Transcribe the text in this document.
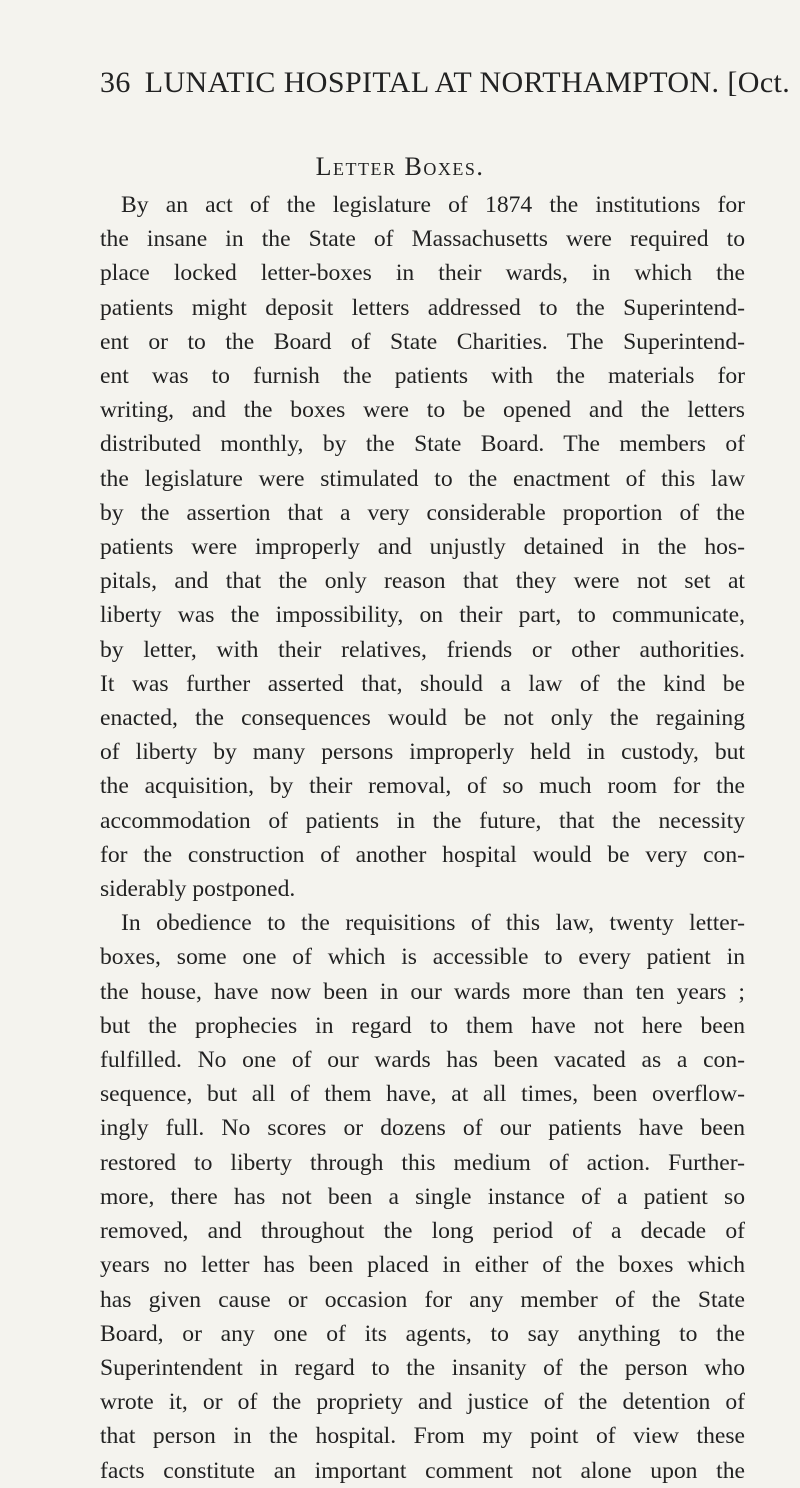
36 LUNATIC HOSPITAL AT NORTHAMPTON. [Oct.
Letter Boxes.
By an act of the legislature of 1874 the institutions for
the insane in the State of Massachusetts were required to
place locked letter-boxes in their wards, in which the
patients might deposit letters addressed to the Superintend-
ent or to the Board of State Charities. The Superintend-
ent was to furnish the patients with the materials for
writing, and the boxes were to be opened and the letters
distributed monthly, by the State Board. The members of
the legislature were stimulated to the enactment of this law
by the assertion that a very considerable proportion of the
patients were improperly and unjustly detained in the hos-
pitals, and that the only reason that they were not set at
liberty was the impossibility, on their part, to communicate,
by letter, with their relatives, friends or other authorities.
It was further asserted that, should a law of the kind be
enacted, the consequences would be not only the regaining
of liberty by many persons improperly held in custody, but
the acquisition, by their removal, of so much room for the
accommodation of patients in the future, that the necessity
for the construction of another hospital would be very con-
siderably postponed.
In obedience to the requisitions of this law, twenty letter-
boxes, some one of which is accessible to every patient in
the house, have now been in our wards more than ten years ;
but the prophecies in regard to them have not here been
fulfilled. No one of our wards has been vacated as a con-
sequence, but all of them have, at all times, been overflow-
ingly full. No scores or dozens of our patients have been
restored to liberty through this medium of action. Further-
more, there has not been a single instance of a patient so
removed, and throughout the long period of a decade of
years no letter has been placed in either of the boxes which
has given cause or occasion for any member of the State
Board, or any one of its agents, to say anything to the
Superintendent in regard to the insanity of the person who
wrote it, or of the propriety and justice of the detention of
that person in the hospital. From my point of view these
facts constitute an important comment not alone upon the
